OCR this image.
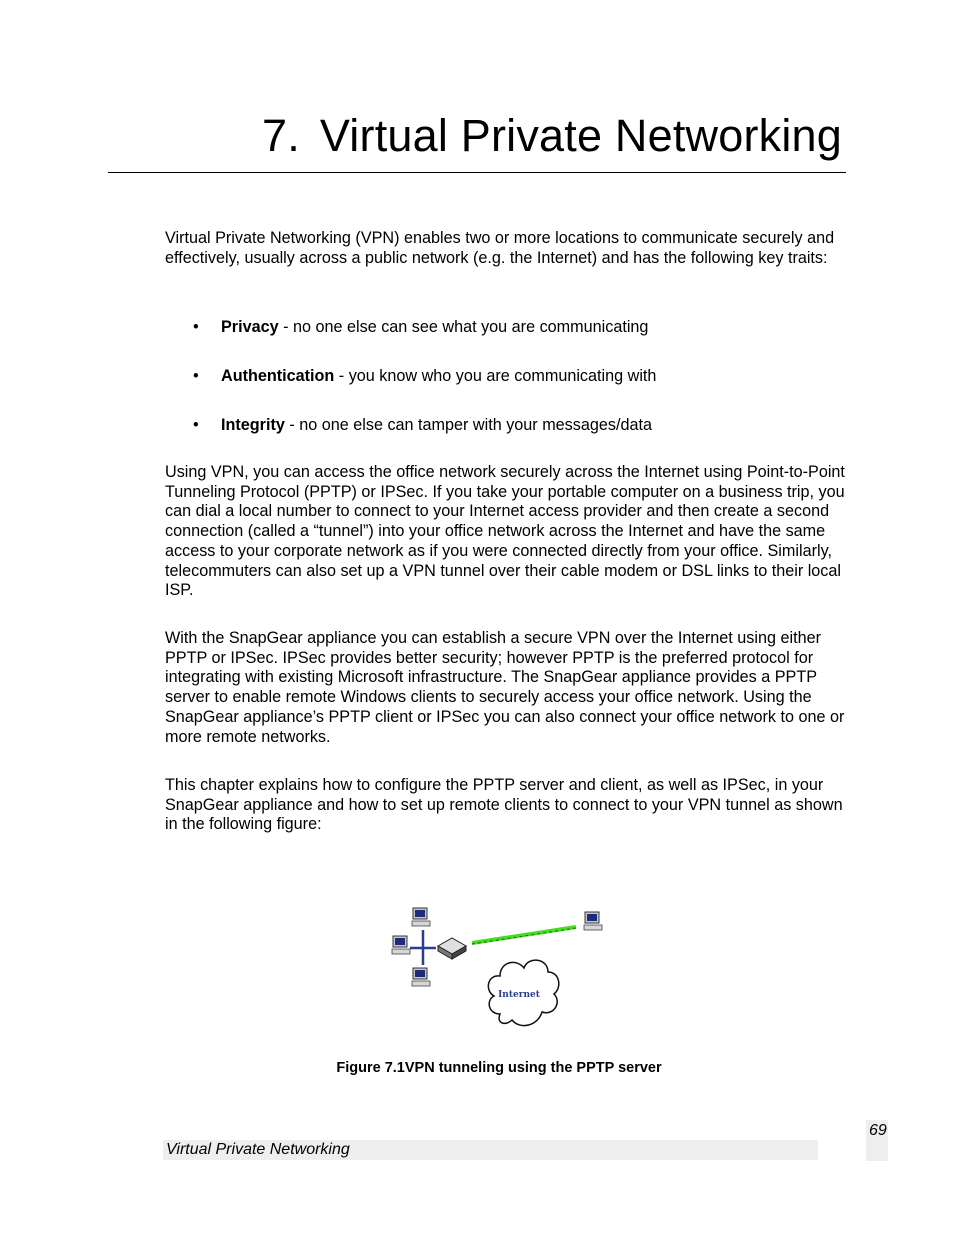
7. Virtual Private Networking

Virtual Private Networking (VPN) enables two or more locations to communicate securely and effectively, usually across a public network (e.g. the Internet) and has the following key traits:

• Privacy - no one else can see what you are communicating
• Authentication - you know who you are communicating with
• Integrity - no one else can tamper with your messages/data

Using VPN, you can access the office network securely across the Internet using Point-to-Point Tunneling Protocol (PPTP) or IPSec. If you take your portable computer on a business trip, you can dial a local number to connect to your Internet access provider and then create a second connection (called a “tunnel”) into your office network across the Internet and have the same access to your corporate network as if you were connected directly from your office. Similarly, telecommuters can also set up a VPN tunnel over their cable modem or DSL links to their local ISP.

With the SnapGear appliance you can establish a secure VPN over the Internet using either PPTP or IPSec. IPSec provides better security; however PPTP is the preferred protocol for integrating with existing Microsoft infrastructure. The SnapGear appliance provides a PPTP server to enable remote Windows clients to securely access your office network. Using the SnapGear appliance’s PPTP client or IPSec you can also connect your office network to one or more remote networks.

This chapter explains how to configure the PPTP server and client, as well as IPSec, in your SnapGear appliance and how to set up remote clients to connect to your VPN tunnel as shown in the following figure:

Internet

Figure 7.1VPN tunneling using the PPTP server

Virtual Private Networking
69
